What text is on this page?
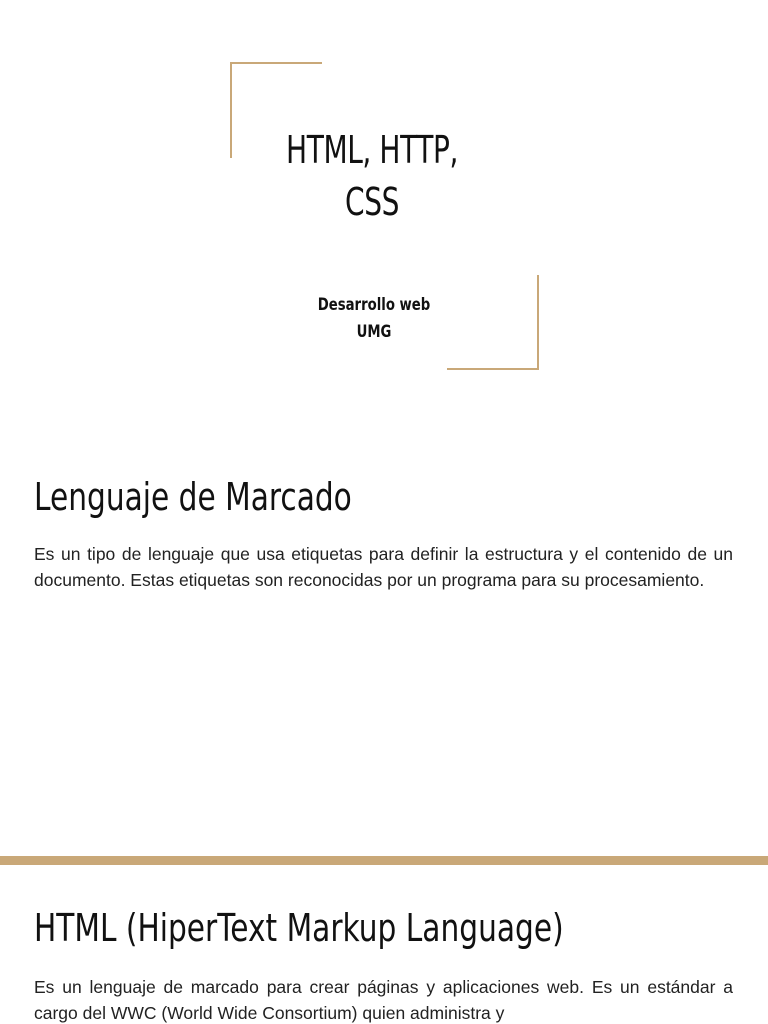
HTML, HTTP,
CSS
Desarrollo web
UMG
Lenguaje de Marcado
Es un tipo de lenguaje que usa etiquetas para definir la estructura y el contenido de un documento. Estas etiquetas son reconocidas por un programa para su procesamiento.
HTML (HiperText Markup Language)
Es un lenguaje de marcado para crear páginas y aplicaciones web. Es un estándar a cargo del WWC (World Wide Consortium) quien administra y
